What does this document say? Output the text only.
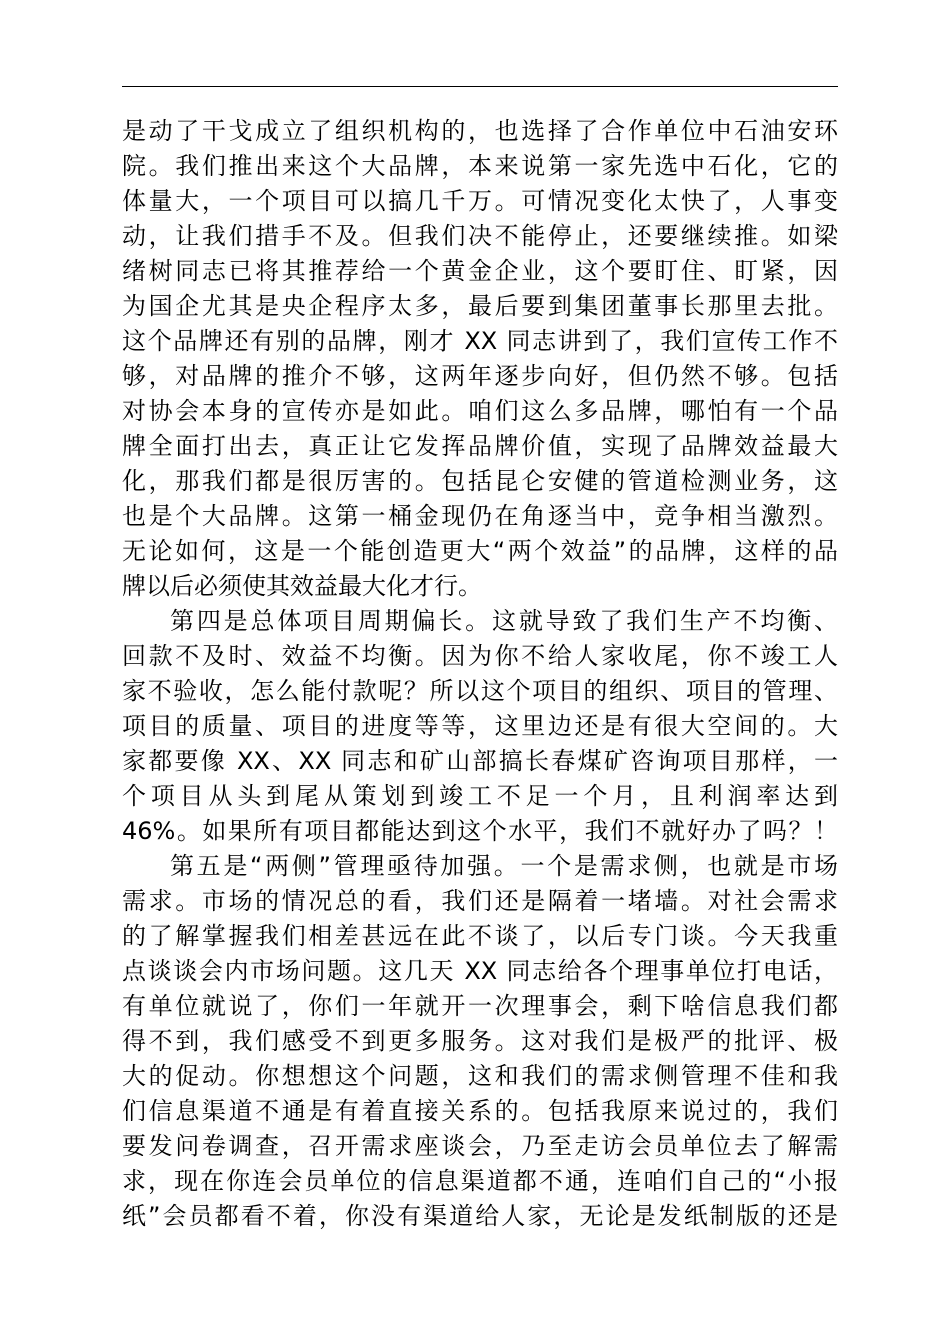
是动了干戈成立了组织机构的，也选择了合作单位中石油安环
院。我们推出来这个大品牌，本来说第一家先选中石化，它的
体量大，一个项目可以搞几千万。可情况变化太快了，人事变
动，让我们措手不及。但我们决不能停止，还要继续推。如梁
绪树同志已将其推荐给一个黄金企业，这个要盯住、盯紧，因
为国企尤其是央企程序太多，最后要到集团董事长那里去批。
这个品牌还有别的品牌，刚才 XX 同志讲到了，我们宣传工作不
够，对品牌的推介不够，这两年逐步向好，但仍然不够。包括
对协会本身的宣传亦是如此。咱们这么多品牌，哪怕有一个品
牌全面打出去，真正让它发挥品牌价值，实现了品牌效益最大
化，那我们都是很厉害的。包括昆仑安健的管道检测业务，这
也是个大品牌。这第一桶金现仍在角逐当中，竞争相当激烈。
无论如何，这是一个能创造更大“两个效益”的品牌，这样的品
牌以后必须使其效益最大化才行。
第四是总体项目周期偏长。这就导致了我们生产不均衡、
回款不及时、效益不均衡。因为你不给人家收尾，你不竣工人
家不验收，怎么能付款呢？所以这个项目的组织、项目的管理、
项目的质量、项目的进度等等，这里边还是有很大空间的。大
家都要像 XX、XX 同志和矿山部搞长春煤矿咨询项目那样，一
个项目从头到尾从策划到竣工不足一个月，且利润率达到
46%。如果所有项目都能达到这个水平，我们不就好办了吗？！
第五是“两侧”管理亟待加强。一个是需求侧，也就是市场
需求。市场的情况总的看，我们还是隔着一堵墙。对社会需求
的了解掌握我们相差甚远在此不谈了，以后专门谈。今天我重
点谈谈会内市场问题。这几天 XX 同志给各个理事单位打电话，
有单位就说了，你们一年就开一次理事会，剩下啥信息我们都
得不到，我们感受不到更多服务。这对我们是极严的批评、极
大的促动。你想想这个问题，这和我们的需求侧管理不佳和我
们信息渠道不通是有着直接关系的。包括我原来说过的，我们
要发问卷调查，召开需求座谈会，乃至走访会员单位去了解需
求，现在你连会员单位的信息渠道都不通，连咱们自己的“小报
纸”会员都看不着，你没有渠道给人家，无论是发纸制版的还是
